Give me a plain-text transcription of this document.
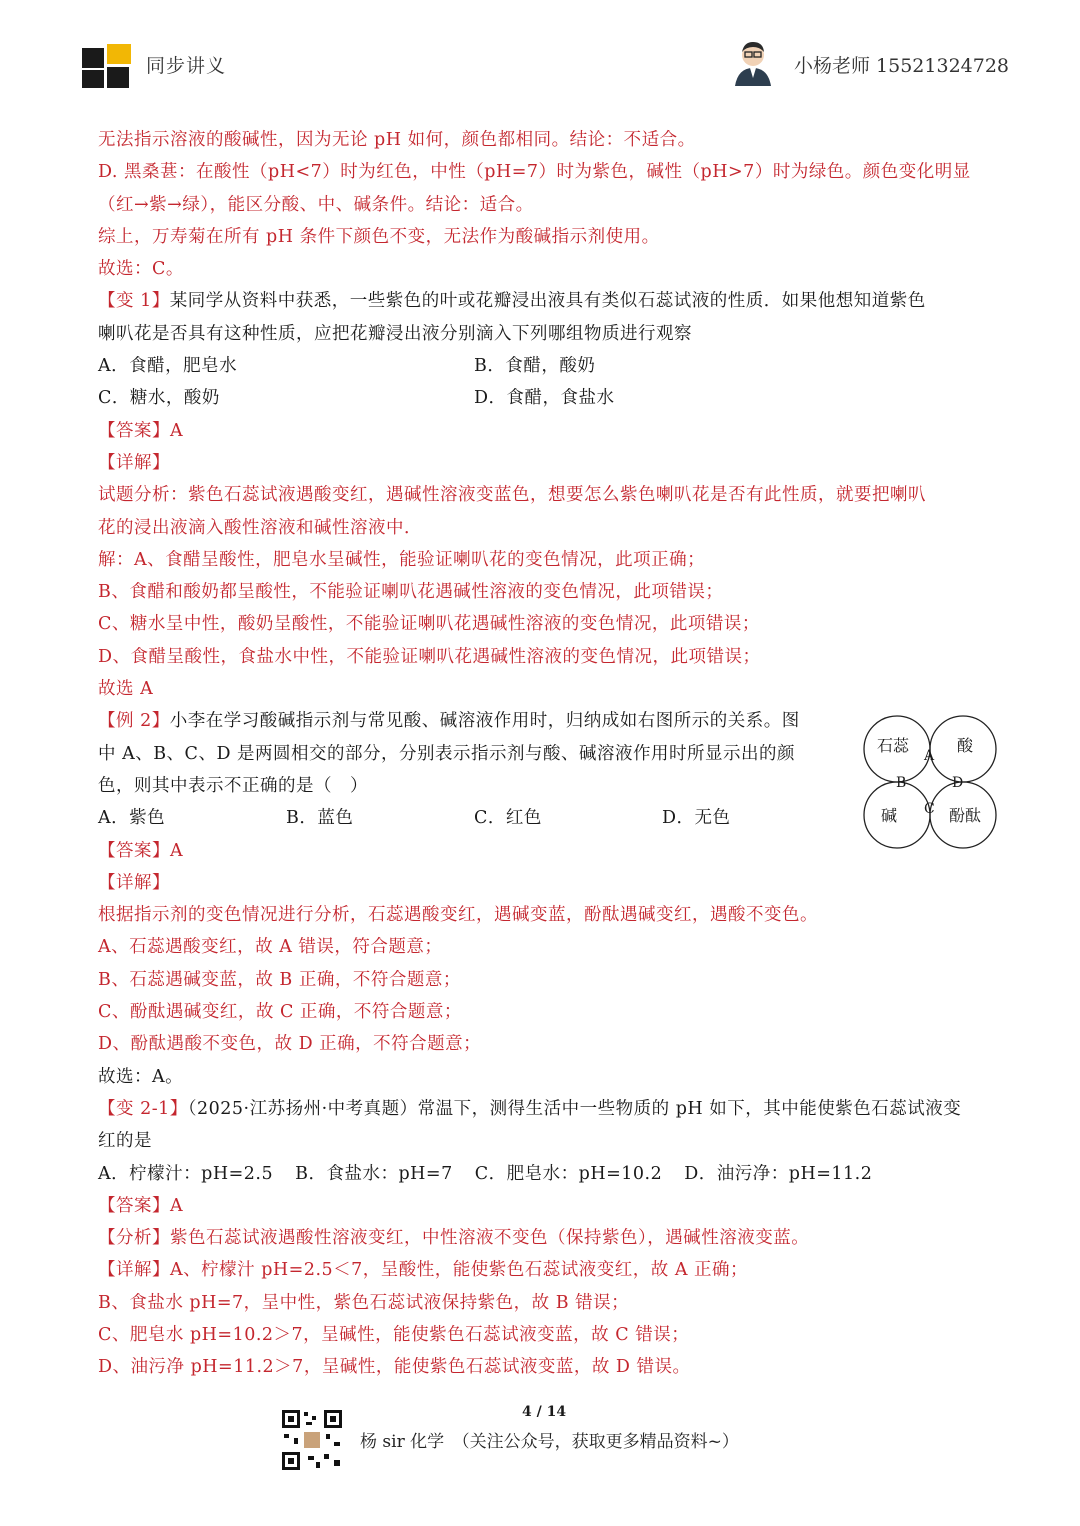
同步讲义	小杨老师 15521324728
无法指示溶液的酸碱性，因为无论 pH 如何，颜色都相同。结论：不适合。
D. 黑桑葚：在酸性（pH<7）时为红色，中性（pH=7）时为紫色，碱性（pH>7）时为绿色。颜色变化明显
（红→紫→绿），能区分酸、中、碱条件。结论：适合。
综上，万寿菊在所有 pH 条件下颜色不变，无法作为酸碱指示剂使用。
故选：C。
【变 1】某同学从资料中获悉，一些紫色的叶或花瓣浸出液具有类似石蕊试液的性质．如果他想知道紫色
喇叭花是否具有这种性质，应把花瓣浸出液分别滴入下列哪组物质进行观察
A．食醋，肥皂水	B．食醋，酸奶
C．糖水，酸奶	D．食醋，食盐水
【答案】A
【详解】
试题分析：紫色石蕊试液遇酸变红，遇碱性溶液变蓝色，想要怎么紫色喇叭花是否有此性质，就要把喇叭
花的浸出液滴入酸性溶液和碱性溶液中．
解：A、食醋呈酸性，肥皂水呈碱性，能验证喇叭花的变色情况，此项正确；
B、食醋和酸奶都呈酸性，不能验证喇叭花遇碱性溶液的变色情况，此项错误；
C、糖水呈中性，酸奶呈酸性，不能验证喇叭花遇碱性溶液的变色情况，此项错误；
D、食醋呈酸性，食盐水中性，不能验证喇叭花遇碱性溶液的变色情况，此项错误；
故选 A
【例 2】小李在学习酸碱指示剂与常见酸、碱溶液作用时，归纳成如右图所示的关系。图
中 A、B、C、D 是两圆相交的部分，分别表示指示剂与酸、碱溶液作用时所显示出的颜
色，则其中表示不正确的是（　）
A．紫色	B．蓝色	C．红色	D．无色
【答案】A
【详解】
根据指示剂的变色情况进行分析，石蕊遇酸变红，遇碱变蓝，酚酞遇碱变红，遇酸不变色。
A、石蕊遇酸变红，故 A 错误，符合题意；
B、石蕊遇碱变蓝，故 B 正确，不符合题意；
C、酚酞遇碱变红，故 C 正确，不符合题意；
D、酚酞遇酸不变色，故 D 正确，不符合题意；
故选：A。
【变 2-1】（2025·江苏扬州·中考真题）常温下，测得生活中一些物质的 pH 如下，其中能使紫色石蕊试液变
红的是
A．柠檬汁：pH=2.5 B．食盐水：pH=7 C．肥皂水：pH=10.2 D．油污净：pH=11.2
【答案】A
【分析】紫色石蕊试液遇酸性溶液变红，中性溶液不变色（保持紫色），遇碱性溶液变蓝。
【详解】A、柠檬汁 pH=2.5＜7，呈酸性，能使紫色石蕊试液变红，故 A 正确；
B、食盐水 pH=7，呈中性，紫色石蕊试液保持紫色，故 B 错误；
C、肥皂水 pH=10.2＞7，呈碱性，能使紫色石蕊试液变蓝，故 C 错误；
D、油污净 pH=11.2＞7，呈碱性，能使紫色石蕊试液变蓝，故 D 错误。
石蕊	酸
碱	酚酞
A
B	D
C
4 / 14
杨 sir 化学　（关注公众号，获取更多精品资料~）
